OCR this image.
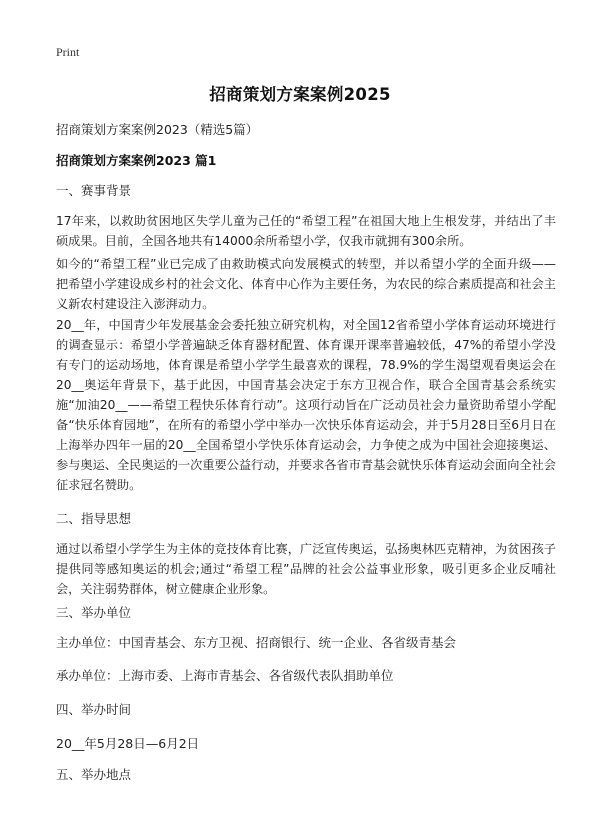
Print
招商策划方案案例2025
招商策划方案案例2023（精选5篇）
招商策划方案案例2023 篇1
一、赛事背景
17年来，以救助贫困地区失学儿童为己任的“希望工程”在祖国大地上生根发芽，并结出了丰硕成果。目前，全国各地共有14000余所希望小学，仅我市就拥有300余所。
如今的“希望工程”业已完成了由救助模式向发展模式的转型，并以希望小学的全面升级——把希望小学建设成乡村的社会文化、体育中心作为主要任务，为农民的综合素质提高和社会主义新农村建设注入澎湃动力。
20__年，中国青少年发展基金会委托独立研究机构，对全国12省希望小学体育运动环境进行的调查显示：希望小学普遍缺乏体育器材配置、体育课开课率普遍较低，47%的希望小学没有专门的运动场地，体育课是希望小学学生最喜欢的课程，78.9%的学生渴望观看奥运会在20__奥运年背景下，基于此因，中国青基会决定于东方卫视合作，联合全国青基会系统实施“加油20__——希望工程快乐体育行动”。这项行动旨在广泛动员社会力量资助希望小学配备“快乐体育园地”，在所有的希望小学中举办一次快乐体育运动会，并于5月28日至6月日在上海举办四年一届的20__全国希望小学快乐体育运动会，力争使之成为中国社会迎接奥运、参与奥运、全民奥运的一次重要公益行动，并要求各省市青基会就快乐体育运动会面向全社会征求冠名赞助。
二、指导思想
通过以希望小学学生为主体的竞技体育比赛，广泛宣传奥运，弘扬奥林匹克精神，为贫困孩子提供同等感知奥运的机会;通过“希望工程”品牌的社会公益事业形象，吸引更多企业反哺社会，关注弱势群体，树立健康企业形象。
三、举办单位
主办单位：中国青基会、东方卫视、招商银行、统一企业、各省级青基会
承办单位：上海市委、上海市青基会、各省级代表队捐助单位
四、举办时间
20__年5月28日—6月2日
五、举办地点
